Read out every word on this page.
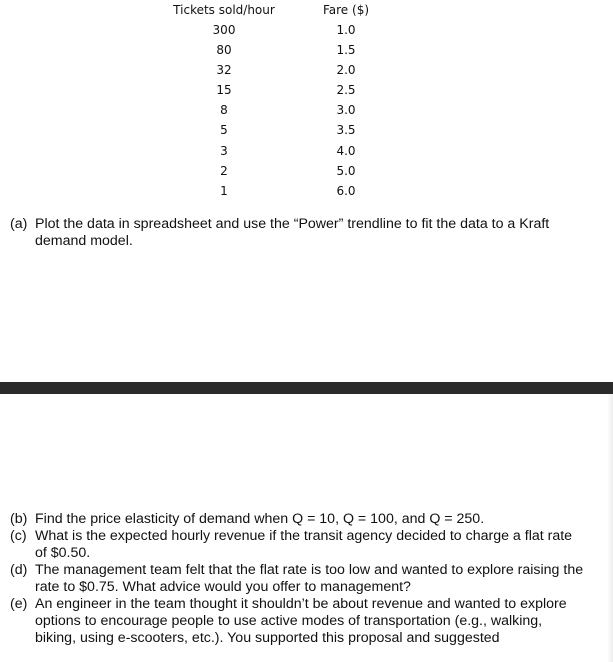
Tickets sold/hour
300
80
32
15
8
5
3
2
1
Fare ($)
1.0
1.5
2.0
2.5
3.0
3.5
4.0
5.0
6.0
(a) Plot the data in spreadsheet and use the “Power” trendline to fit the data to a Kraft demand model.
(b) Find the price elasticity of demand when Q = 10, Q = 100, and Q = 250.
(c) What is the expected hourly revenue if the transit agency decided to charge a flat rate of $0.50.
(d) The management team felt that the flat rate is too low and wanted to explore raising the rate to $0.75. What advice would you offer to management?
(e) An engineer in the team thought it shouldn’t be about revenue and wanted to explore options to encourage people to use active modes of transportation (e.g., walking, biking, using e-scooters, etc.). You supported this proposal and suggested
